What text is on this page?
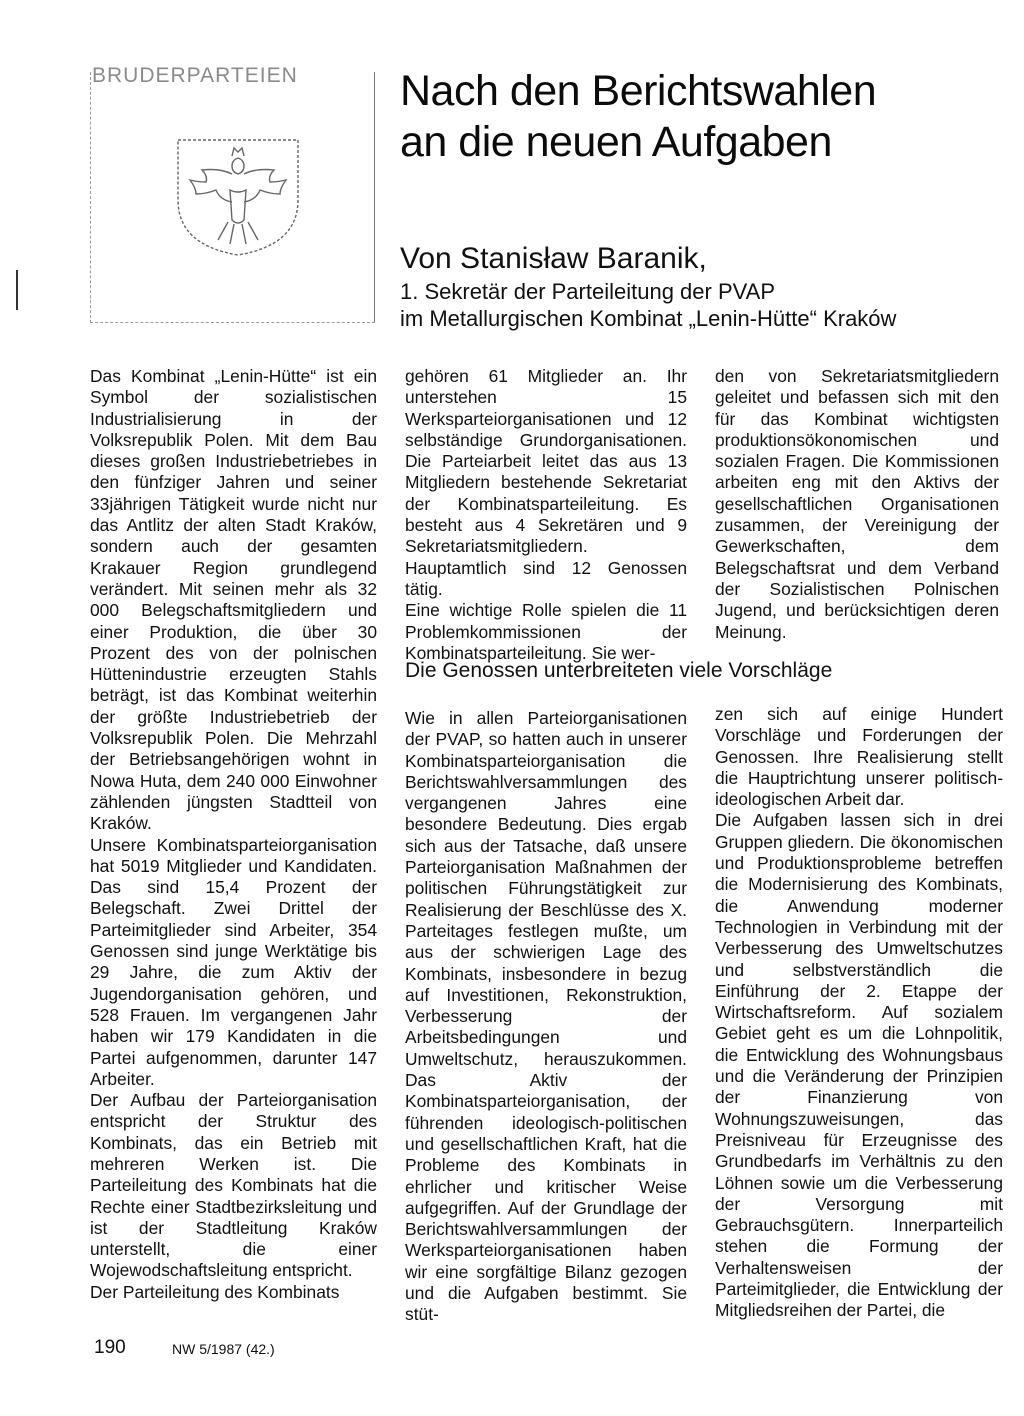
BRUDERPARTEIEN	Nach den Berichtswahlen
an die neuen Aufgaben

Von Stanisław Baranik,

1. Sekretär der Parteileitung der PVAP
im Metallurgischen Kombinat „Lenin-Hütte“ Kraków

Das Kombinat „Lenin-Hütte“ ist ein Symbol der sozialistischen Industrialisierung in der Volksrepublik Polen. Mit dem Bau dieses großen Industriebetriebes in den fünfziger Jahren und seiner 33jährigen Tätigkeit wurde nicht nur das Antlitz der alten Stadt Kraków, sondern auch der gesamten Krakauer Region grundlegend verändert. Mit seinen mehr als 32 000 Belegschaftsmitgliedern und einer Produktion, die über 30 Prozent des von der polnischen Hüttenindustrie erzeugten Stahls beträgt, ist das Kombinat weiterhin der größte Industriebetrieb der Volksrepublik Polen. Die Mehrzahl der Betriebsangehörigen wohnt in Nowa Huta, dem 240 000 Einwohner zählenden jüngsten Stadtteil von Kraków.

Unsere Kombinatsparteiorganisation hat 5019 Mitglieder und Kandidaten. Das sind 15,4 Prozent der Belegschaft. Zwei Drittel der Parteimitglieder sind Arbeiter, 354 Genossen sind junge Werktätige bis 29 Jahre, die zum Aktiv der Jugendorganisation gehören, und 528 Frauen. Im vergangenen Jahr haben wir 179 Kandidaten in die Partei aufgenommen, darunter 147 Arbeiter.

Der Aufbau der Parteiorganisation entspricht der Struktur des Kombinats, das ein Betrieb mit mehreren Werken ist. Die Parteileitung des Kombinats hat die Rechte einer Stadtbezirksleitung und ist der Stadtleitung Kraków unterstellt, die einer Wojewodschaftsleitung entspricht.

Der Parteileitung des Kombinats

gehören 61 Mitglieder an. Ihr unterstehen 15 Werksparteiorganisationen und 12 selbständige Grundorganisationen. Die Parteiarbeit leitet das aus 13 Mitgliedern bestehende Sekretariat der Kombinatsparteileitung. Es besteht aus 4 Sekretären und 9 Sekretariatsmitgliedern. Hauptamtlich sind 12 Genossen tätig.

Eine wichtige Rolle spielen die 11 Problemkommissionen der Kombinatsparteileitung. Sie wer-

den von Sekretariatsmitgliedern geleitet und befassen sich mit den für das Kombinat wichtigsten produktionsökonomischen und sozialen Fragen. Die Kommissionen arbeiten eng mit den Aktivs der gesellschaftlichen Organisationen zusammen, der Vereinigung der Gewerkschaften, dem Belegschaftsrat und dem Verband der Sozialistischen Polnischen Jugend, und berücksichtigen deren Meinung.

Die Genossen unterbreiteten viele Vorschläge

Wie in allen Parteiorganisationen der PVAP, so hatten auch in unserer Kombinatsparteiorganisation die Berichtswahlversammlungen des vergangenen Jahres eine besondere Bedeutung. Dies ergab sich aus der Tatsache, daß unsere Parteiorganisation Maßnahmen der politischen Führungstätigkeit zur Realisierung der Beschlüsse des X. Parteitages festlegen mußte, um aus der schwierigen Lage des Kombinats, insbesondere in bezug auf Investitionen, Rekonstruktion, Verbesserung der Arbeitsbedingungen und Umweltschutz, herauszukommen. Das Aktiv der Kombinatsparteiorganisation, der führenden ideologisch-politischen und gesellschaftlichen Kraft, hat die Probleme des Kombinats in ehrlicher und kritischer Weise aufgegriffen. Auf der Grundlage der Berichtswahlversammlungen der Werksparteiorganisationen haben wir eine sorgfältige Bilanz gezogen und die Aufgaben bestimmt. Sie stüt-

zen sich auf einige Hundert Vorschläge und Forderungen der Genossen. Ihre Realisierung stellt die Hauptrichtung unserer politisch-ideologischen Arbeit dar.

Die Aufgaben lassen sich in drei Gruppen gliedern. Die ökonomischen und Produktionsprobleme betreffen die Modernisierung des Kombinats, die Anwendung moderner Technologien in Verbindung mit der Verbesserung des Umweltschutzes und selbstverständlich die Einführung der 2. Etappe der Wirtschaftsreform. Auf sozialem Gebiet geht es um die Lohnpolitik, die Entwicklung des Wohnungsbaus und die Veränderung der Prinzipien der Finanzierung von Wohnungszuweisungen, das Preisniveau für Erzeugnisse des Grundbedarfs im Verhältnis zu den Löhnen sowie um die Verbesserung der Versorgung mit Gebrauchsgütern. Innerparteilich stehen die Formung der Verhaltensweisen der Parteimitglieder, die Entwicklung der Mitgliedsreihen der Partei, die

190	NW 5/1987 (42.)
